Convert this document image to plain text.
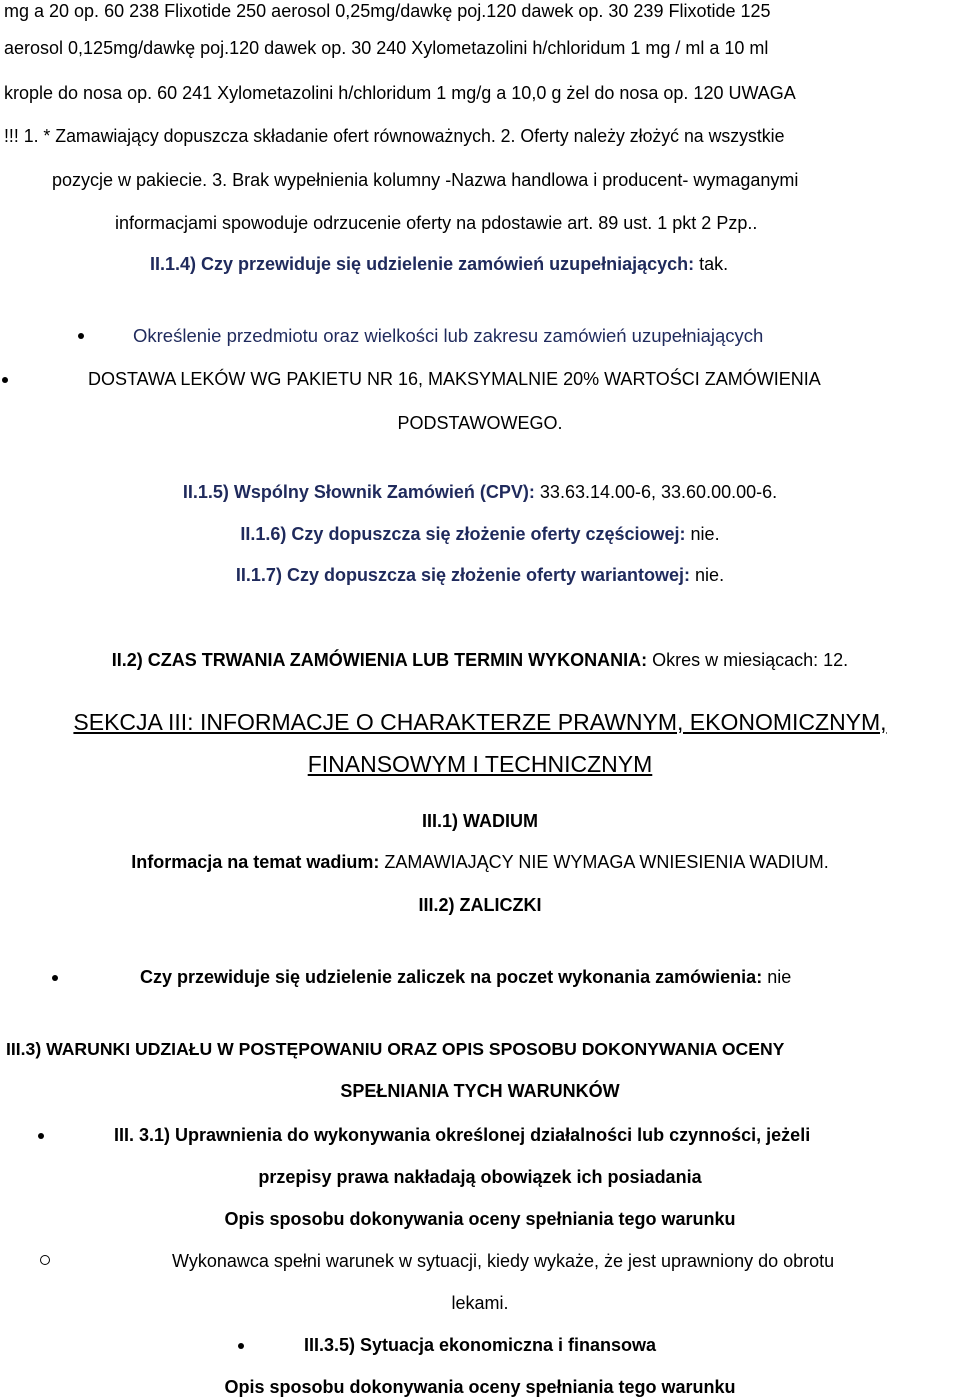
mg a 20 op. 60 238 Flixotide 250 aerosol 0,25mg/dawkę poj.120 dawek op. 30 239 Flixotide 125
aerosol 0,125mg/dawkę poj.120 dawek op. 30 240 Xylometazolini h/chloridum 1 mg / ml a 10 ml
krople do nosa op. 60 241 Xylometazolini h/chloridum 1 mg/g a 10,0 g żel do nosa op. 120 UWAGA
!!! 1. * Zamawiający dopuszcza składanie ofert równoważnych. 2. Oferty należy złożyć na wszystkie
pozycje w pakiecie. 3. Brak wypełnienia kolumny -Nazwa handlowa i producent- wymaganymi
informacjami spowoduje odrzucenie oferty na pdostawie art. 89 ust. 1 pkt 2 Pzp..
II.1.4) Czy przewiduje się udzielenie zamówień uzupełniających: tak.
Określenie przedmiotu oraz wielkości lub zakresu zamówień uzupełniających
DOSTAWA LEKÓW WG PAKIETU NR 16, MAKSYMALNIE 20% WARTOŚCI ZAMÓWIENIA
PODSTAWOWEGO.
II.1.5) Wspólny Słownik Zamówień (CPV): 33.63.14.00-6, 33.60.00.00-6.
II.1.6) Czy dopuszcza się złożenie oferty częściowej: nie.
II.1.7) Czy dopuszcza się złożenie oferty wariantowej: nie.
II.2) CZAS TRWANIA ZAMÓWIENIA LUB TERMIN WYKONANIA: Okres w miesiącach: 12.
SEKCJA III: INFORMACJE O CHARAKTERZE PRAWNYM, EKONOMICZNYM,
FINANSOWYM I TECHNICZNYM
III.1) WADIUM
Informacja na temat wadium: ZAMAWIAJĄCY NIE WYMAGA WNIESIENIA WADIUM.
III.2) ZALICZKI
Czy przewiduje się udzielenie zaliczek na poczet wykonania zamówienia: nie
III.3) WARUNKI UDZIAŁU W POSTĘPOWANIU ORAZ OPIS SPOSOBU DOKONYWANIA OCENY
SPEŁNIANIA TYCH WARUNKÓW
III. 3.1) Uprawnienia do wykonywania określonej działalności lub czynności, jeżeli
przepisy prawa nakładają obowiązek ich posiadania
Opis sposobu dokonywania oceny spełniania tego warunku
Wykonawca spełni warunek w sytuacji, kiedy wykaże, że jest uprawniony do obrotu
lekami.
III.3.5) Sytuacja ekonomiczna i finansowa
Opis sposobu dokonywania oceny spełniania tego warunku
